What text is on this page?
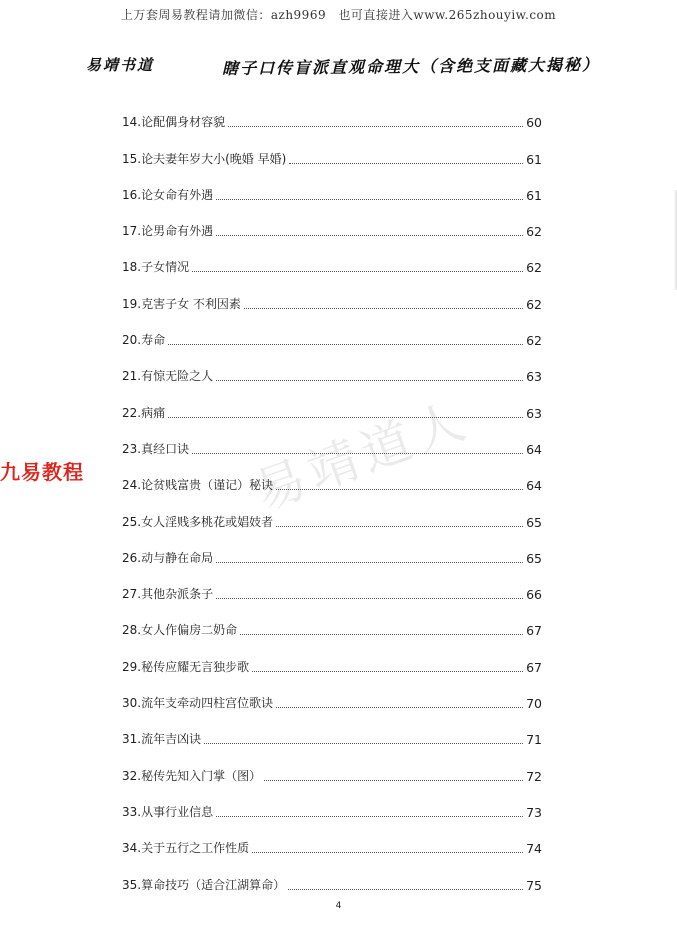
上万套周易教程请加微信：azh9969 也可直接进入www.265zhouyiw.com
易靖书道	瞎子口传盲派直观命理大（含绝支面藏大揭秘）
九易教程	易靖道人
14.论配偶身材容貌	60
15.论夫妻年岁大小(晚婚 早婚)	61
16.论女命有外遇	61
17.论男命有外遇	62
18.子女情况	62
19.克害子女 不利因素	62
20.寿命	62
21.有惊无险之人	63
22.病痛	63
23.真经口诀	64
24.论贫贱富贵（谨记）秘诀	64
25.女人淫贱多桃花或娼妓者	65
26.动与静在命局	65
27.其他杂派条子	66
28.女人作偏房二奶命	67
29.秘传应耀无言独步歌	67
30.流年支牵动四柱宫位歌诀	70
31.流年吉凶诀	71
32.秘传先知入门掌（图）	72
33.从事行业信息	73
34.关于五行之工作性质	74
35.算命技巧（适合江湖算命）	75
4
